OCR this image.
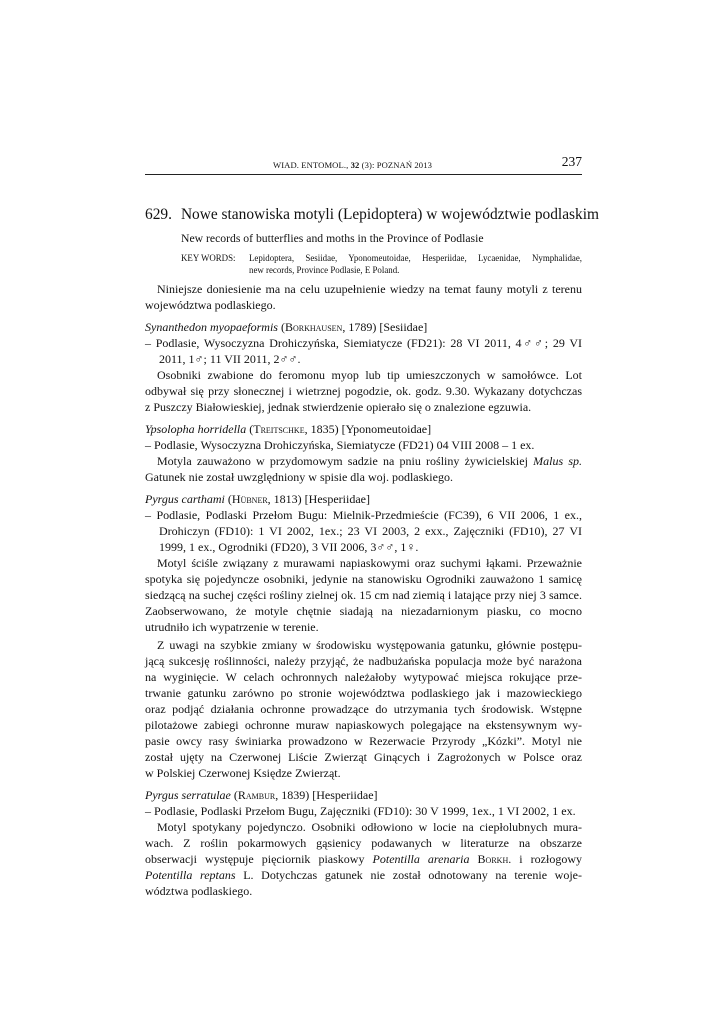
WIAD. ENTOMOL., 32 (3): POZNAŃ 2013	237
629. Nowe stanowiska motyli (Lepidoptera) w województwie podlaskim
New records of butterflies and moths in the Province of Podlasie
KEY WORDS: Lepidoptera, Sesiidae, Yponomeutoidae, Hesperiidae, Lycaenidae, Nymphalidae,
new records, Province Podlasie, E Poland.
Niniejsze doniesienie ma na celu uzupełnienie wiedzy na temat fauny motyli z terenu
województwa podlaskiego.
Synanthedon myopaeformis (Borkhausen, 1789) [Sesiidae]
– Podlasie, Wysoczyzna Drohiczyńska, Siemiatycze (FD21): 28 VI 2011, 4♂♂; 29 VI
2011, 1♂; 11 VII 2011, 2♂♂.
Osobniki zwabione do feromonu myop lub tip umieszczonych w samołówce. Lot
odbywał się przy słonecznej i wietrznej pogodzie, ok. godz. 9.30. Wykazany dotychczas
z Puszczy Białowieskiej, jednak stwierdzenie opierało się o znalezione egzuwia.
Ypsolopha horridella (Treitschke, 1835) [Yponomeutoidae]
– Podlasie, Wysoczyzna Drohiczyńska, Siemiatycze (FD21) 04 VIII 2008 – 1 ex.
Motyla zauważono w przydomowym sadzie na pniu rośliny żywicielskiej Malus sp.
Gatunek nie został uwzględniony w spisie dla woj. podlaskiego.
Pyrgus carthami (Hübner, 1813) [Hesperiidae]
– Podlasie, Podlaski Przełom Bugu: Mielnik-Przedmieście (FC39), 6 VII 2006, 1 ex.,
Drohiczyn (FD10): 1 VI 2002, 1ex.; 23 VI 2003, 2 exx., Zajęczniki (FD10), 27 VI
1999, 1 ex., Ogrodniki (FD20), 3 VII 2006, 3♂♂, 1♀.
Motyl ściśle związany z murawami napiaskowymi oraz suchymi łąkami. Przeważnie
spotyka się pojedyncze osobniki, jedynie na stanowisku Ogrodniki zauważono 1 samicę
siedzącą na suchej części rośliny zielnej ok. 15 cm nad ziemią i latające przy niej 3 samce.
Zaobserwowano, że motyle chętnie siadają na niezadarnionym piasku, co mocno
utrudniło ich wypatrzenie w terenie.
Z uwagi na szybkie zmiany w środowisku występowania gatunku, głównie postępu-
jącą sukcesję roślinności, należy przyjąć, że nadbużańska populacja może być narażona
na wyginięcie. W celach ochronnych należałoby wytypować miejsca rokujące prze-
trwanie gatunku zarówno po stronie województwa podlaskiego jak i mazowieckiego
oraz podjąć działania ochronne prowadzące do utrzymania tych środowisk. Wstępne
pilotażowe zabiegi ochronne muraw napiaskowych polegające na ekstensywnym wy-
pasie owcy rasy świniarka prowadzono w Rezerwacie Przyrody „Kózki”. Motyl nie
został ujęty na Czerwonej Liście Zwierząt Ginących i Zagrożonych w Polsce oraz
w Polskiej Czerwonej Księdze Zwierząt.
Pyrgus serratulae (Rambur, 1839) [Hesperiidae]
– Podlasie, Podlaski Przełom Bugu, Zajęczniki (FD10): 30 V 1999, 1ex., 1 VI 2002, 1 ex.
Motyl spotykany pojedynczo. Osobniki odłowiono w locie na ciepłolubnych mura-
wach. Z roślin pokarmowych gąsienicy podawanych w literaturze na obszarze
obserwacji występuje pięciornik piaskowy Potentilla arenaria Borkh. i rozłogowy
Potentilla reptans L. Dotychczas gatunek nie został odnotowany na terenie woje-
wództwa podlaskiego.
